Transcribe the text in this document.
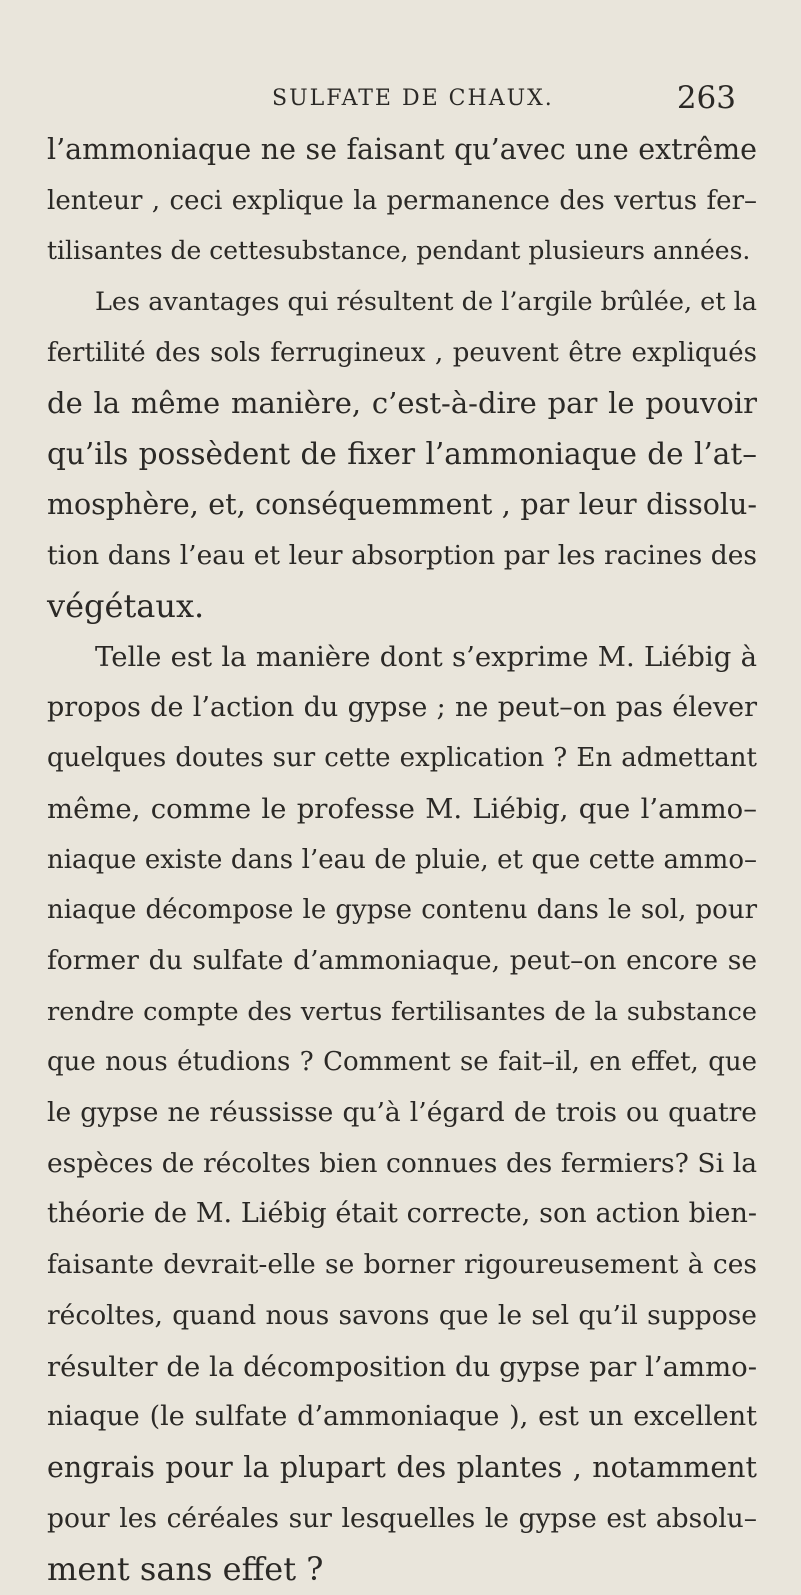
SULFATE DE CHAUX.	263
l’ammoniaque ne se faisant qu’avec une extrême
lenteur , ceci explique la permanence des vertus fer–
tilisantes de cettesubstance, pendant plusieurs années.
Les avantages qui résultent de l’argile brûlée, et la
fertilité des sols ferrugineux , peuvent être expliqués
de la même manière, c’est-à-dire par le pouvoir
qu’ils possèdent de fixer l’ammoniaque de l’at–
mosphère, et, conséquemment , par leur dissolu-
tion dans l’eau et leur absorption par les racines des
végétaux.
Telle est la manière dont s’exprime M. Liébig à
propos de l’action du gypse ; ne peut–on pas élever
quelques doutes sur cette explication ? En admettant
même, comme le professe M. Liébig, que l’ammo–
niaque existe dans l’eau de pluie, et que cette ammo–
niaque décompose le gypse contenu dans le sol, pour
former du sulfate d’ammoniaque, peut–on encore se
rendre compte des vertus fertilisantes de la substance
que nous étudions ? Comment se fait–il, en effet, que
le gypse ne réussisse qu’à l’égard de trois ou quatre
espèces de récoltes bien connues des fermiers? Si la
théorie de M. Liébig était correcte, son action bien-
faisante devrait-elle se borner rigoureusement à ces
récoltes, quand nous savons que le sel qu’il suppose
résulter de la décomposition du gypse par l’ammo-
niaque (le sulfate d’ammoniaque ), est un excellent
engrais pour la plupart des plantes , notamment
pour les céréales sur lesquelles le gypse est absolu–
ment sans effet ?
